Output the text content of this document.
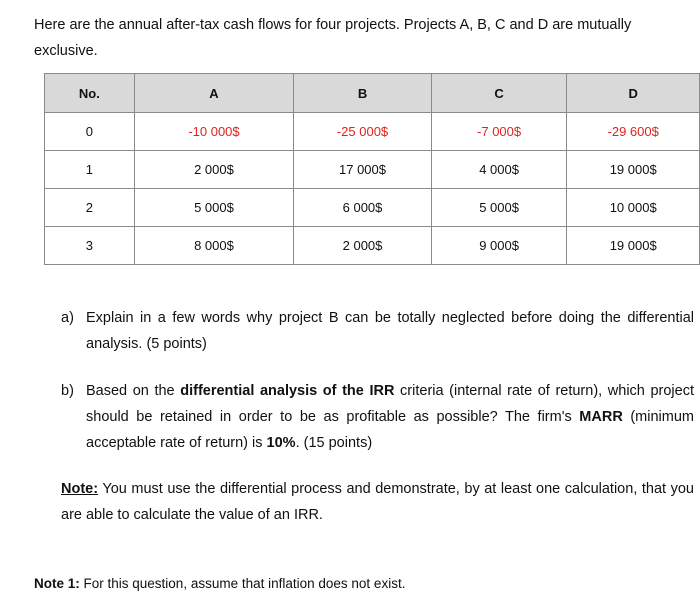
Here are the annual after-tax cash flows for four projects. Projects A, B, C and D are mutually exclusive.
No.	A	B	C	D
0	-10 000$	-25 000$	-7 000$	-29 600$
1	2 000$	17 000$	4 000$	19 000$
2	5 000$	6 000$	5 000$	10 000$
3	8 000$	2 000$	9 000$	19 000$
a) Explain in a few words why project B can be totally neglected before doing the differential analysis. (5 points)
b) Based on the differential analysis of the IRR criteria (internal rate of return), which project should be retained in order to be as profitable as possible? The firm's MARR (minimum acceptable rate of return) is 10%. (15 points)
Note: You must use the differential process and demonstrate, by at least one calculation, that you are able to calculate the value of an IRR.
Note 1: For this question, assume that inflation does not exist.
